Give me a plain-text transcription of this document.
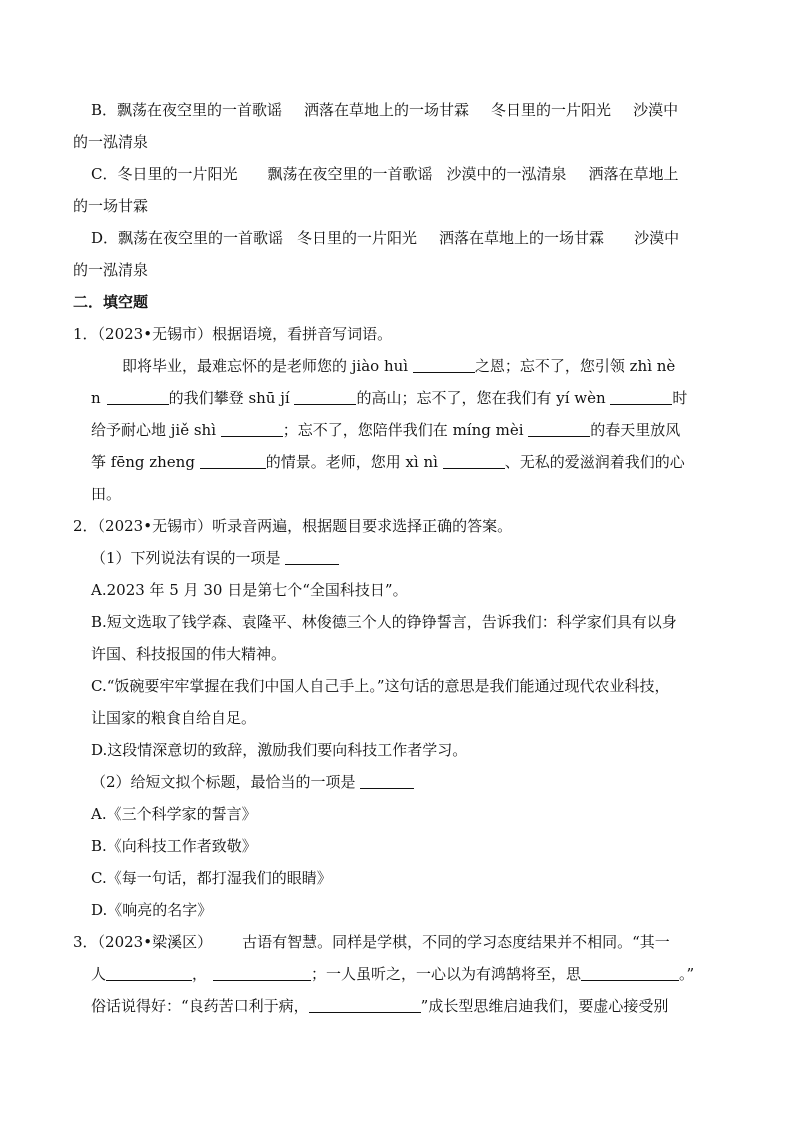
B．飘荡在夜空里的一首歌谣 洒落在草地上的一场甘霖 冬日里的一片阳光 沙漠中
的一泓清泉
C．冬日里的一片阳光 飘荡在夜空里的一首歌谣 沙漠中的一泓清泉 洒落在草地上
的一场甘霖
D．飘荡在夜空里的一首歌谣 冬日里的一片阳光 洒落在草地上的一场甘霖 沙漠中
的一泓清泉
二．填空题
1．（2023•无锡市）根据语境，看拼音写词语。
即将毕业，最难忘怀的是老师您的 jiào huì	之恩；忘不了，您引领 zhì nè
n	的我们攀登 shū jí	的高山；忘不了，您在我们有 yí wèn	时
给予耐心地 jiě shì	；忘不了，您陪伴我们在 míng mèi	的春天里放风
筝 fēng zheng	的情景。老师，您用 xì nì	、无私的爱滋润着我们的心
田。
2．（2023•无锡市）听录音两遍，根据题目要求选择正确的答案。
（1）下列说法有误的一项是
A.2023 年 5 月 30 日是第七个“全国科技日”。
B.短文选取了钱学森、袁隆平、林俊德三个人的铮铮誓言，告诉我们：科学家们具有以身
许国、科技报国的伟大精神。
C.“饭碗要牢牢掌握在我们中国人自己手上。”这句话的意思是我们能通过现代农业科技，
让国家的粮食自给自足。
D.这段情深意切的致辞，激励我们要向科技工作者学习。
（2）给短文拟个标题，最恰当的一项是
A.《三个科学家的誓言》
B.《向科技工作者致敬》
C.《每一句话，都打湿我们的眼睛》
D.《响亮的名字》
3．（2023•梁溪区） 古语有智慧。同样是学棋，不同的学习态度结果并不相同。“其一
人	，	；一人虽听之，一心以为有鸿鹄将至，思	。”
俗话说得好：“良药苦口利于病，	”成长型思维启迪我们，要虚心接受别
